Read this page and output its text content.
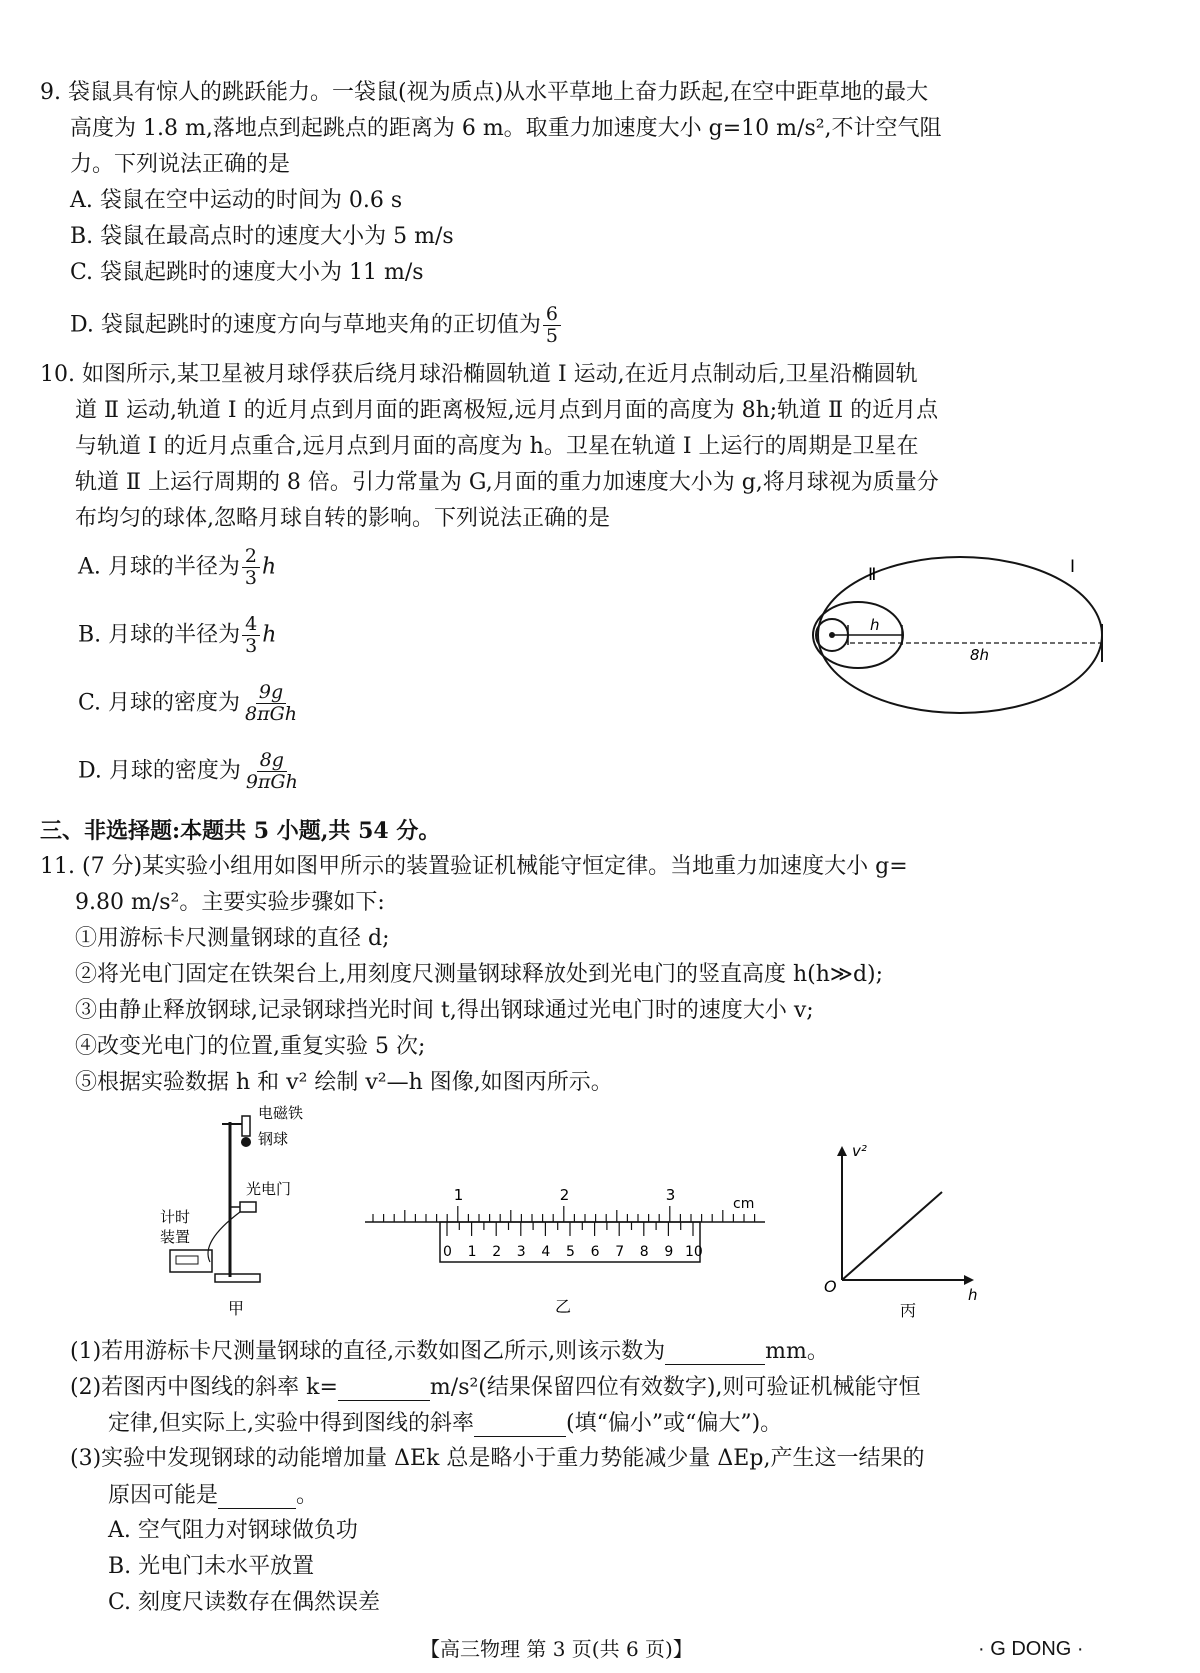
9. 袋鼠具有惊人的跳跃能力。一袋鼠(视为质点)从水平草地上奋力跃起,在空中距草地的最大
高度为 1.8 m,落地点到起跳点的距离为 6 m。取重力加速度大小 g=10 m/s²,不计空气阻
力。下列说法正确的是
A. 袋鼠在空中运动的时间为 0.6 s
B. 袋鼠在最高点时的速度大小为 5 m/s
C. 袋鼠起跳时的速度大小为 11 m/s
D. 袋鼠起跳时的速度方向与草地夹角的正切值为 $\frac{6}{5}$
10. 如图所示,某卫星被月球俘获后绕月球沿椭圆轨道 Ⅰ 运动,在近月点制动后,卫星沿椭圆轨
道 Ⅱ 运动,轨道 Ⅰ 的近月点到月面的距离极短,远月点到月面的高度为 8h;轨道 Ⅱ 的近月点
与轨道 Ⅰ 的近月点重合,远月点到月面的高度为 h。卫星在轨道 Ⅰ 上运行的周期是卫星在
轨道 Ⅱ 上运行周期的 8 倍。引力常量为 G,月面的重力加速度大小为 g,将月球视为质量分
布均匀的球体,忽略月球自转的影响。下列说法正确的是
A. 月球的半径为 $\frac{2}{3}$ h
B. 月球的半径为 $\frac{4}{3}$ h
C. 月球的密度为 $\frac{9g}{\text{8πGh}}$
D. 月球的密度为 $\frac{8g}{\text{9πGh}}$
h
8h
Ⅱ	Ⅰ
三、非选择题:本题共 5 小题,共 54 分。
11. (7 分)某实验小组用如图甲所示的装置验证机械能守恒定律。当地重力加速度大小 g=
9.80 m/s²。主要实验步骤如下:
①用游标卡尺测量钢球的直径 d;
②将光电门固定在铁架台上,用刻度尺测量钢球释放处到光电门的竖直高度 h(h≫d);
③由静止释放钢球,记录钢球挡光时间 t,得出钢球通过光电门时的速度大小 v;
④改变光电门的位置,重复实验 5 次;
⑤根据实验数据 h 和 v² 绘制 v²—h 图像,如图丙所示。
电磁铁
钢球
光电门
计时
装置
甲
1	2	3	cm
0 1 2 3 4 5 6 7 8 9 10
乙
v²
O	h
丙
(1)若用游标卡尺测量钢球的直径,示数如图乙所示,则该示数为	mm。
(2)若图丙中图线的斜率 k=	m/s²(结果保留四位有效数字),则可验证机械能守恒
定律,但实际上,实验中得到图线的斜率	(填“偏小”或“偏大”)。
(3)实验中发现钢球的动能增加量 ΔEk 总是略小于重力势能减少量 ΔEp,产生这一结果的
原因可能是	。
A. 空气阻力对钢球做负功
B. 光电门未水平放置
C. 刻度尺读数存在偶然误差
【高三物理 第 3 页(共 6 页)】	· G DONG ·
